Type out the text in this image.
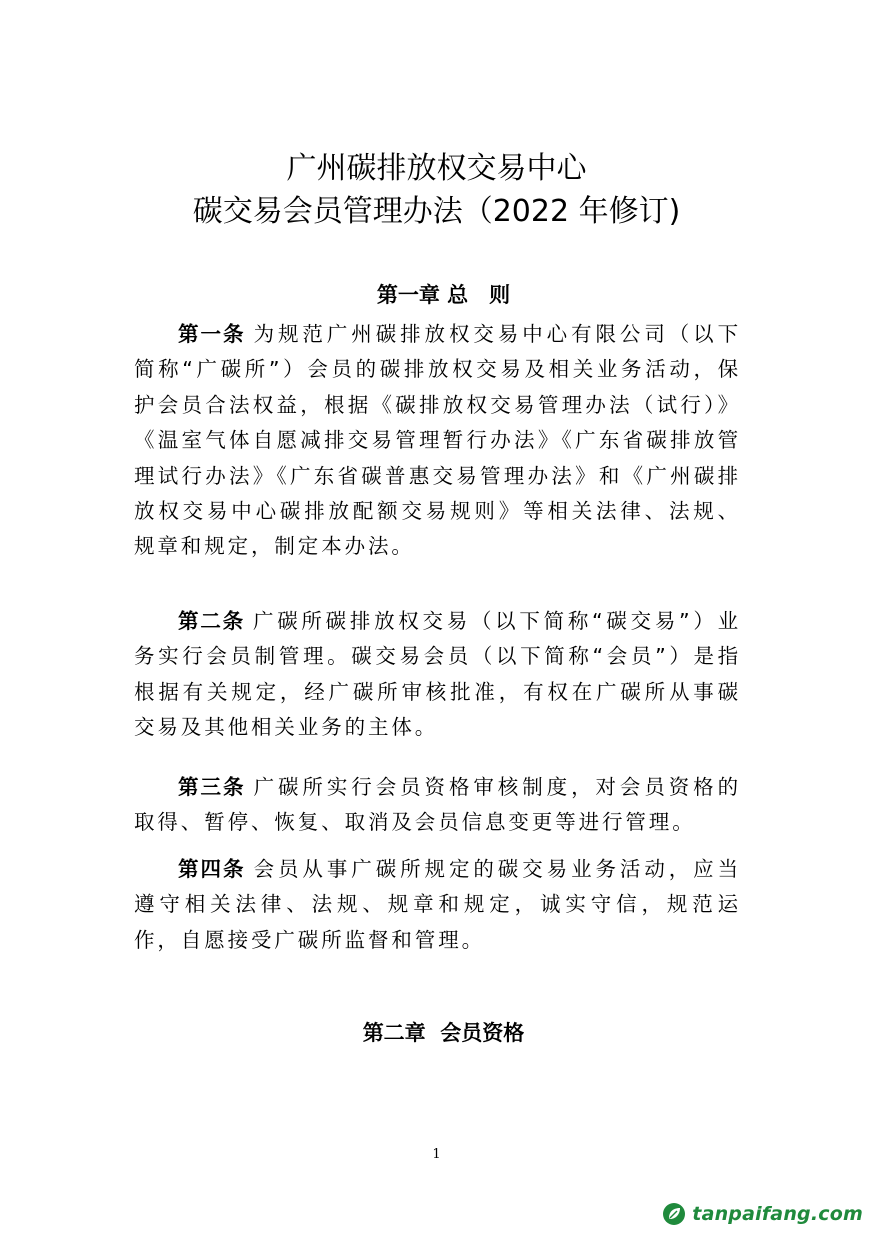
广州碳排放权交易中心
碳交易会员管理办法（2022 年修订)
第一章 总　则

第一条 为规范广州碳排放权交易中心有限公司（以下简称“广碳所”）会员的碳排放权交易及相关业务活动，保护会员合法权益，根据《碳排放权交易管理办法（试行）》《温室气体自愿减排交易管理暂行办法》《广东省碳排放管理试行办法》《广东省碳普惠交易管理办法》和《广州碳排放权交易中心碳排放配额交易规则》等相关法律、法规、规章和规定，制定本办法。

第二条 广碳所碳排放权交易（以下简称“碳交易”）业务实行会员制管理。碳交易会员（以下简称“会员”）是指根据有关规定，经广碳所审核批准，有权在广碳所从事碳交易及其他相关业务的主体。

第三条 广碳所实行会员资格审核制度，对会员资格的取得、暂停、恢复、取消及会员信息变更等进行管理。

第四条 会员从事广碳所规定的碳交易业务活动，应当遵守相关法律、法规、规章和规定，诚实守信，规范运作，自愿接受广碳所监督和管理。

第二章  会员资格
1
tanpaifang.com
